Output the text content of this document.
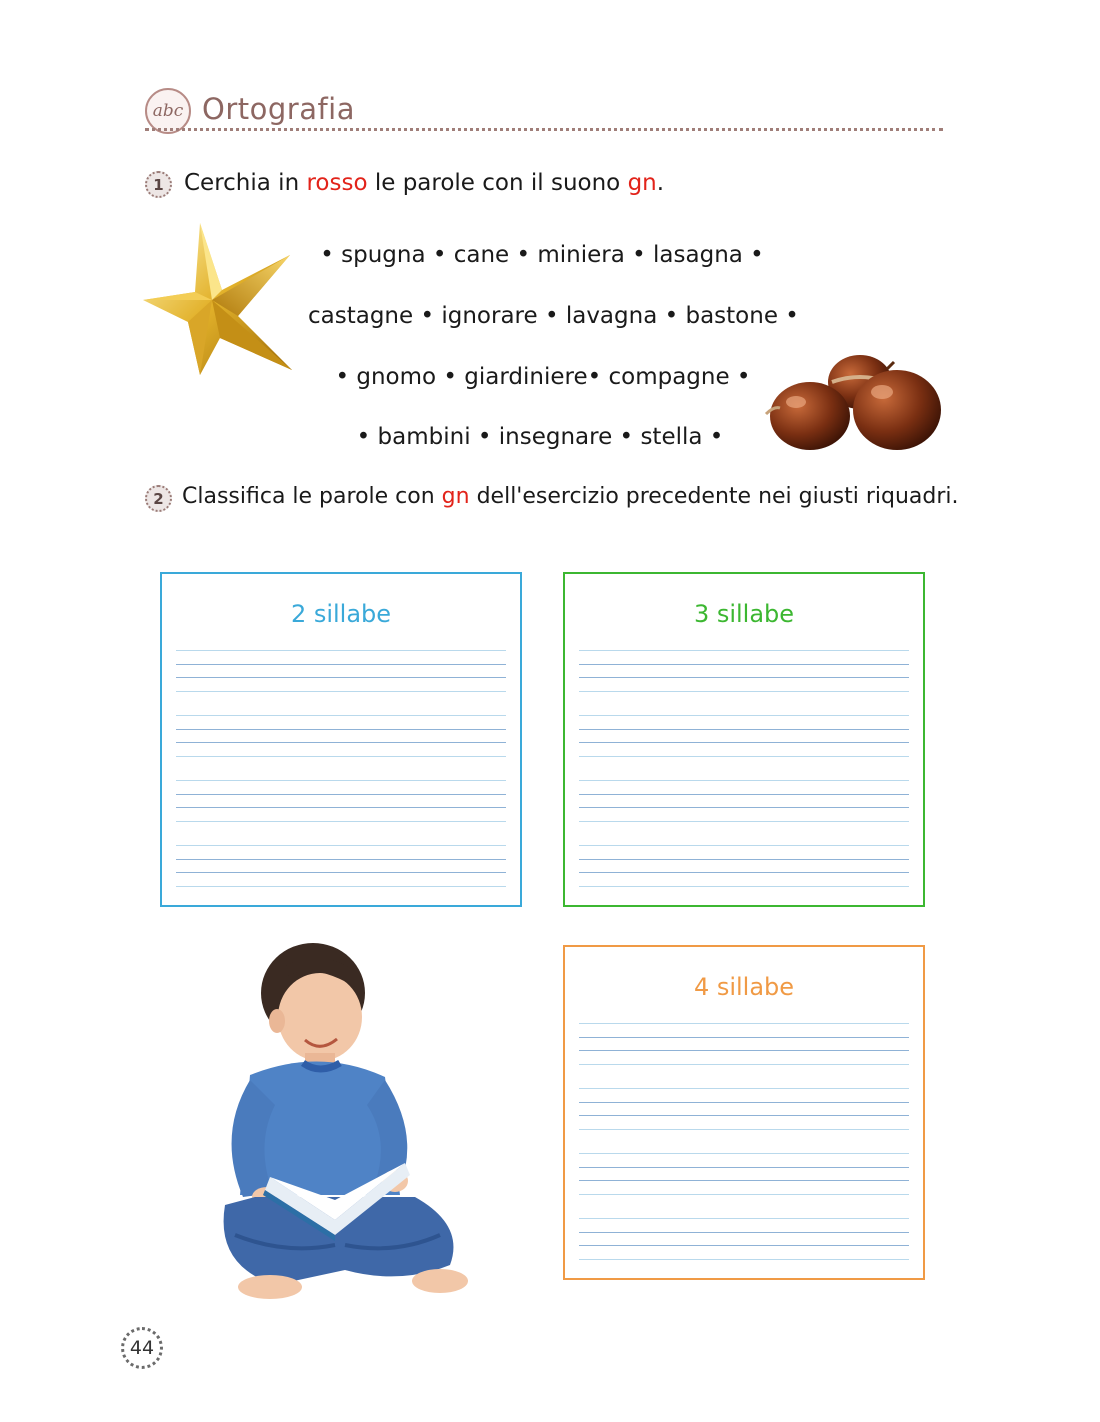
abc Ortografia
1 Cerchia in rosso le parole con il suono gn.
• spugna • cane • miniera • lasagna •
castagne • ignorare • lavagna • bastone •
• gnomo • giardiniere• compagne •
• bambini • insegnare • stella •
2 Classifica le parole con gn dell'esercizio precedente nei giusti riquadri.
2 sillabe	3 sillabe
4 sillabe
44
